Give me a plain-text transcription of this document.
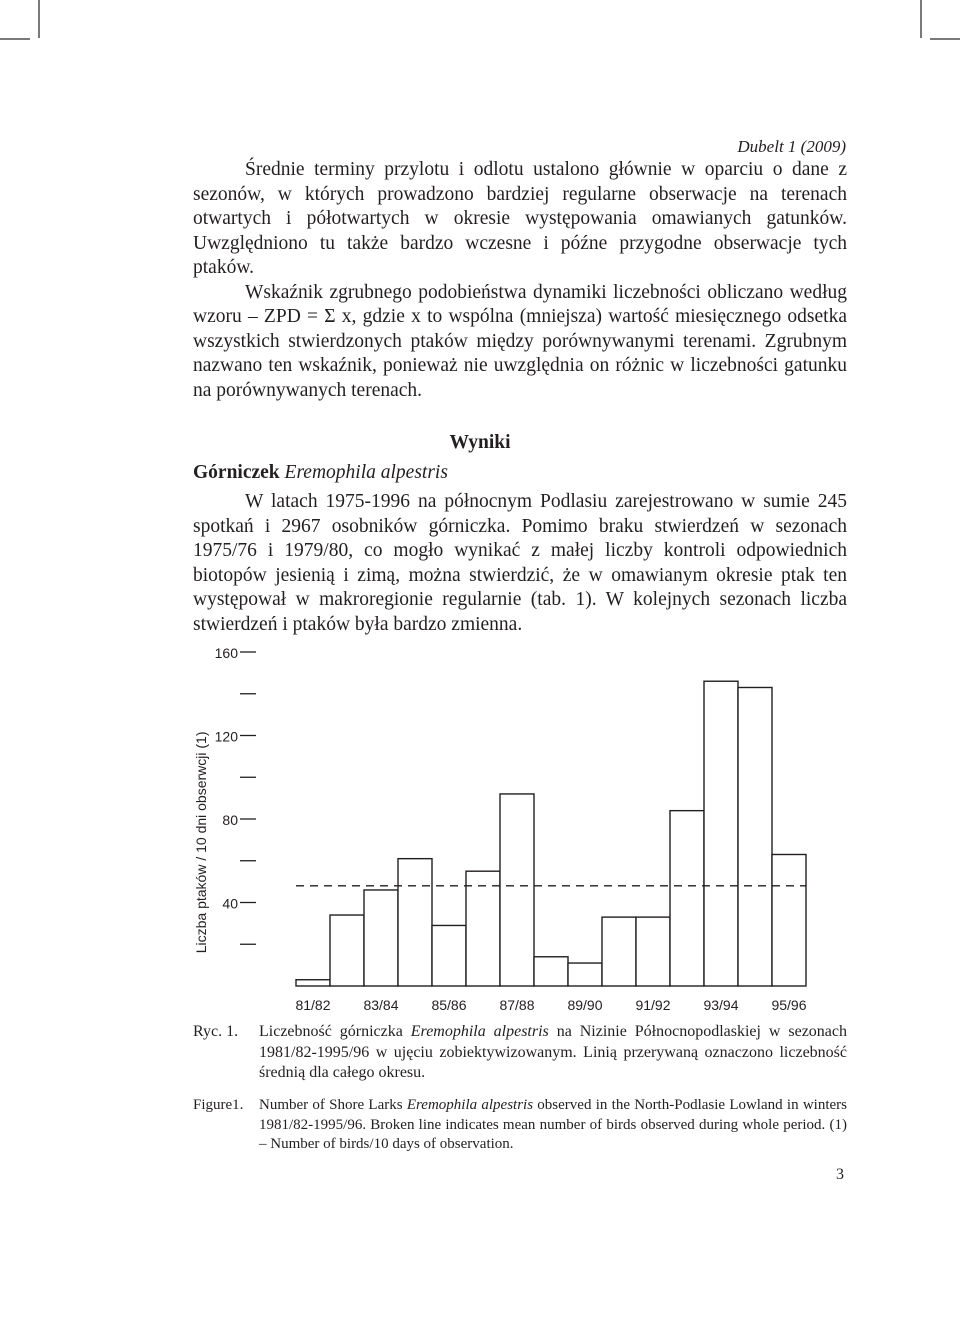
Dubelt 1 (2009)

Średnie terminy przylotu i odlotu ustalono głównie w oparciu o dane z sezonów, w których prowadzono bardziej regularne obserwacje na terenach otwartych i półotwartych w okresie występowania omawianych gatunków. Uwzględniono tu także bardzo wczesne i późne przygodne obserwacje tych ptaków.

Wskaźnik zgrubnego podobieństwa dynamiki liczebności obliczano według wzoru – ZPD = Σ x, gdzie x to wspólna (mniejsza) wartość miesięcznego odsetka wszystkich stwierdzonych ptaków między porównywanymi terenami. Zgrubnym nazwano ten wskaźnik, ponieważ nie uwzględnia on różnic w liczebności gatunku na porównywanych terenach.

Wyniki
Górniczek Eremophila alpestris

W latach 1975-1996 na północnym Podlasiu zarejestrowano w sumie 245 spotkań i 2967 osobników górniczka. Pomimo braku stwierdzeń w sezonach 1975/76 i 1979/80, co mogło wynikać z małej liczby kontroli odpowiednich biotopów jesienią i zimą, można stwierdzić, że w omawianym okresie ptak ten występował w makroregionie regularnie (tab. 1). W kolejnych sezonach liczba stwierdzeń i ptaków była bardzo zmienna.

40
80
120
160
Liczba ptaków / 10 dni obserwcji (1)
81/82 83/84 85/86 87/88 89/90 91/92 93/94 95/96
Ryc. 1. Liczebność górniczka Eremophila alpestris na Nizinie Północnopodlaskiej w sezonach 1981/82-1995/96 w ujęciu zobiektywizowanym. Linią przerywaną oznaczono liczebność średnią dla całego okresu.
Figure1. Number of Shore Larks Eremophila alpestris observed in the North-Podlasie Lowland in winters 1981/82-1995/96. Broken line indicates mean number of birds observed during whole period. (1) – Number of birds/10 days of observation.
3
